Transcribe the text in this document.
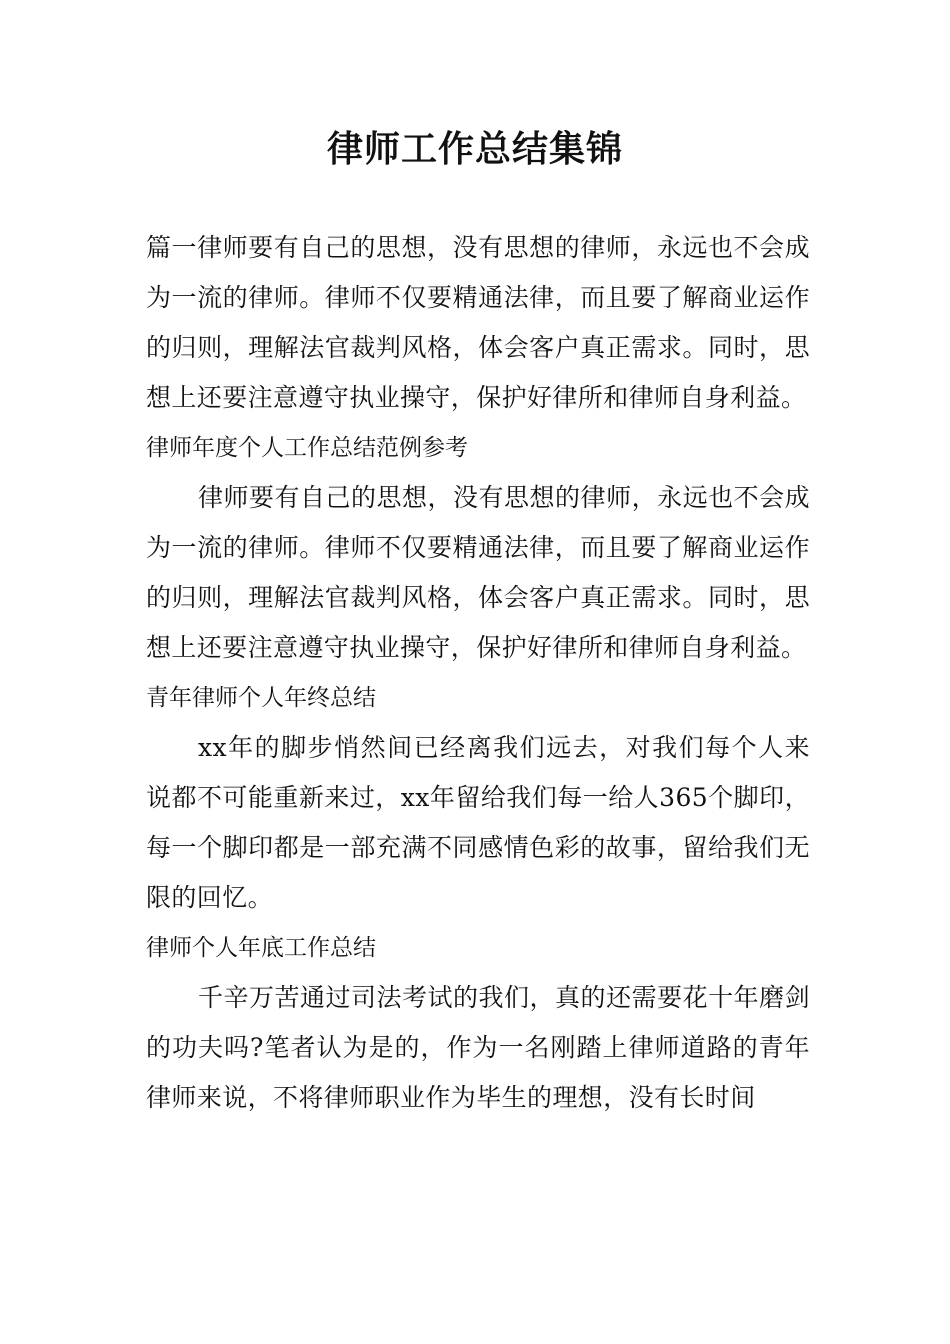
律师工作总结集锦

篇一律师要有自己的思想，没有思想的律师，永远也不会成为一流的律师。律师不仅要精通法律，而且要了解商业运作的归则，理解法官裁判风格，体会客户真正需求。同时，思想上还要注意遵守执业操守，保护好律所和律师自身利益。

律师年度个人工作总结范例参考

律师要有自己的思想，没有思想的律师，永远也不会成为一流的律师。律师不仅要精通法律，而且要了解商业运作的归则，理解法官裁判风格，体会客户真正需求。同时，思想上还要注意遵守执业操守，保护好律所和律师自身利益。

青年律师个人年终总结

xx年的脚步悄然间已经离我们远去，对我们每个人来说都不可能重新来过，xx年留给我们每一给人365个脚印，每一个脚印都是一部充满不同感情色彩的故事，留给我们无限的回忆。

律师个人年底工作总结

千辛万苦通过司法考试的我们，真的还需要花十年磨剑的功夫吗?笔者认为是的，作为一名刚踏上律师道路的青年律师来说，不将律师职业作为毕生的理想，没有长时间
